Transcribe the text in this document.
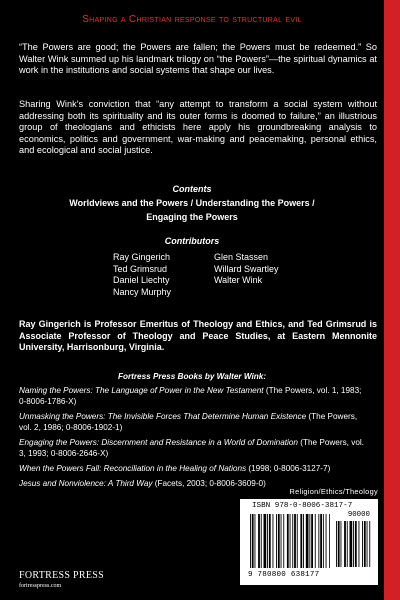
Shaping a Christian response to structural evil
“The Powers are good; the Powers are fallen; the Powers must be redeemed.” So Walter Wink summed up his landmark trilogy on “the Powers”—the spiritual dynamics at work in the institutions and social systems that shape our lives.
Sharing Wink’s conviction that “any attempt to transform a social system without addressing both its spirituality and its outer forms is doomed to failure,” an illustrious group of theologians and ethicists here apply his groundbreaking analysis to economics, politics and government, war-making and peacemaking, personal ethics, and ecological and social justice.
Contents
Worldviews and the Powers / Understanding the Powers /
Engaging the Powers
Contributors
Ray Gingerich
Ted Grimsrud
Daniel Liechty
Nancy Murphy
Glen Stassen
Willard Swartley
Walter Wink
Ray Gingerich is Professor Emeritus of Theology and Ethics, and Ted Grimsrud is Associate Professor of Theology and Peace Studies, at Eastern Mennonite University, Harrisonburg, Virginia.
Fortress Press Books by Walter Wink:
Naming the Powers: The Language of Power in the New Testament (The Powers, vol. 1, 1983; 0-8006-1786-X)
Unmasking the Powers: The Invisible Forces That Determine Human Existence (The Powers, vol. 2, 1986; 0-8006-1902-1)
Engaging the Powers: Discernment and Resistance in a World of Domination (The Powers, vol. 3, 1993; 0-8006-2646-X)
When the Powers Fall: Reconciliation in the Healing of Nations (1998; 0-8006-3127-7)
Jesus and Nonviolence: A Third Way (Facets, 2003; 0-8006-3609-0)
Religion/Ethics/Theology
ISBN 978-0-8006-3817-7
90000
9 780800 638177
FORTRESS PRESS
fortresspress.com
